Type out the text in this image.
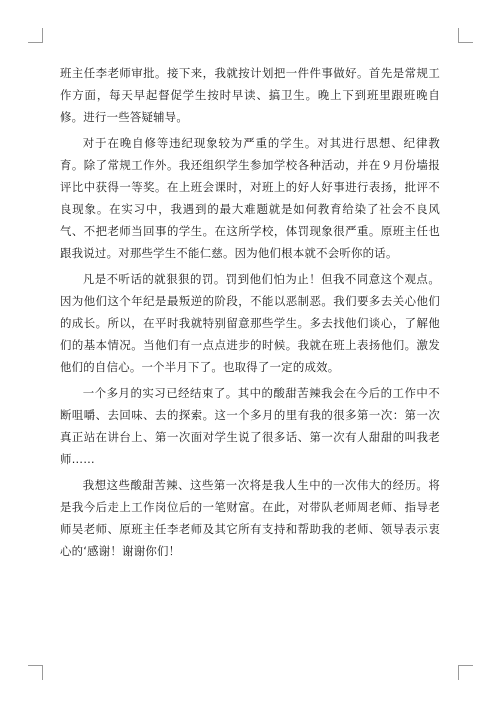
班主任李老师审批。接下来，我就按计划把一件件事做好。首先是常规工作方面，每天早起督促学生按时早读、搞卫生。晚上下到班里跟班晚自修。进行一些答疑辅导。

对于在晚自修等违纪现象较为严重的学生。对其进行思想、纪律教育。除了常规工作外。我还组织学生参加学校各种活动，并在９月份墙报评比中获得一等奖。在上班会课时，对班上的好人好事进行表扬，批评不良现象。在实习中，我遇到的最大难题就是如何教育给染了社会不良风气、不把老师当回事的学生。在这所学校，体罚现象很严重。原班主任也跟我说过。对那些学生不能仁慈。因为他们根本就不会听你的话。

凡是不听话的就狠狠的罚。罚到他们怕为止！但我不同意这个观点。因为他们这个年纪是最叛逆的阶段，不能以恶制恶。我们要多去关心他们的成长。所以，在平时我就特别留意那些学生。多去找他们谈心，了解他们的基本情况。当他们有一点点进步的时候。我就在班上表扬他们。激发他们的自信心。一个半月下了。也取得了一定的成效。

一个多月的实习已经结束了。其中的酸甜苦辣我会在今后的工作中不断咀嚼、去回味、去的探索。这一个多月的里有我的很多第一次：第一次真正站在讲台上、第一次面对学生说了很多话、第一次有人甜甜的叫我老师……

我想这些酸甜苦辣、这些第一次将是我人生中的一次伟大的经历。将是我今后走上工作岗位后的一笔财富。在此，对带队老师周老师、指导老师吴老师、原班主任李老师及其它所有支持和帮助我的老师、领导表示衷心的‘感谢！谢谢你们！
